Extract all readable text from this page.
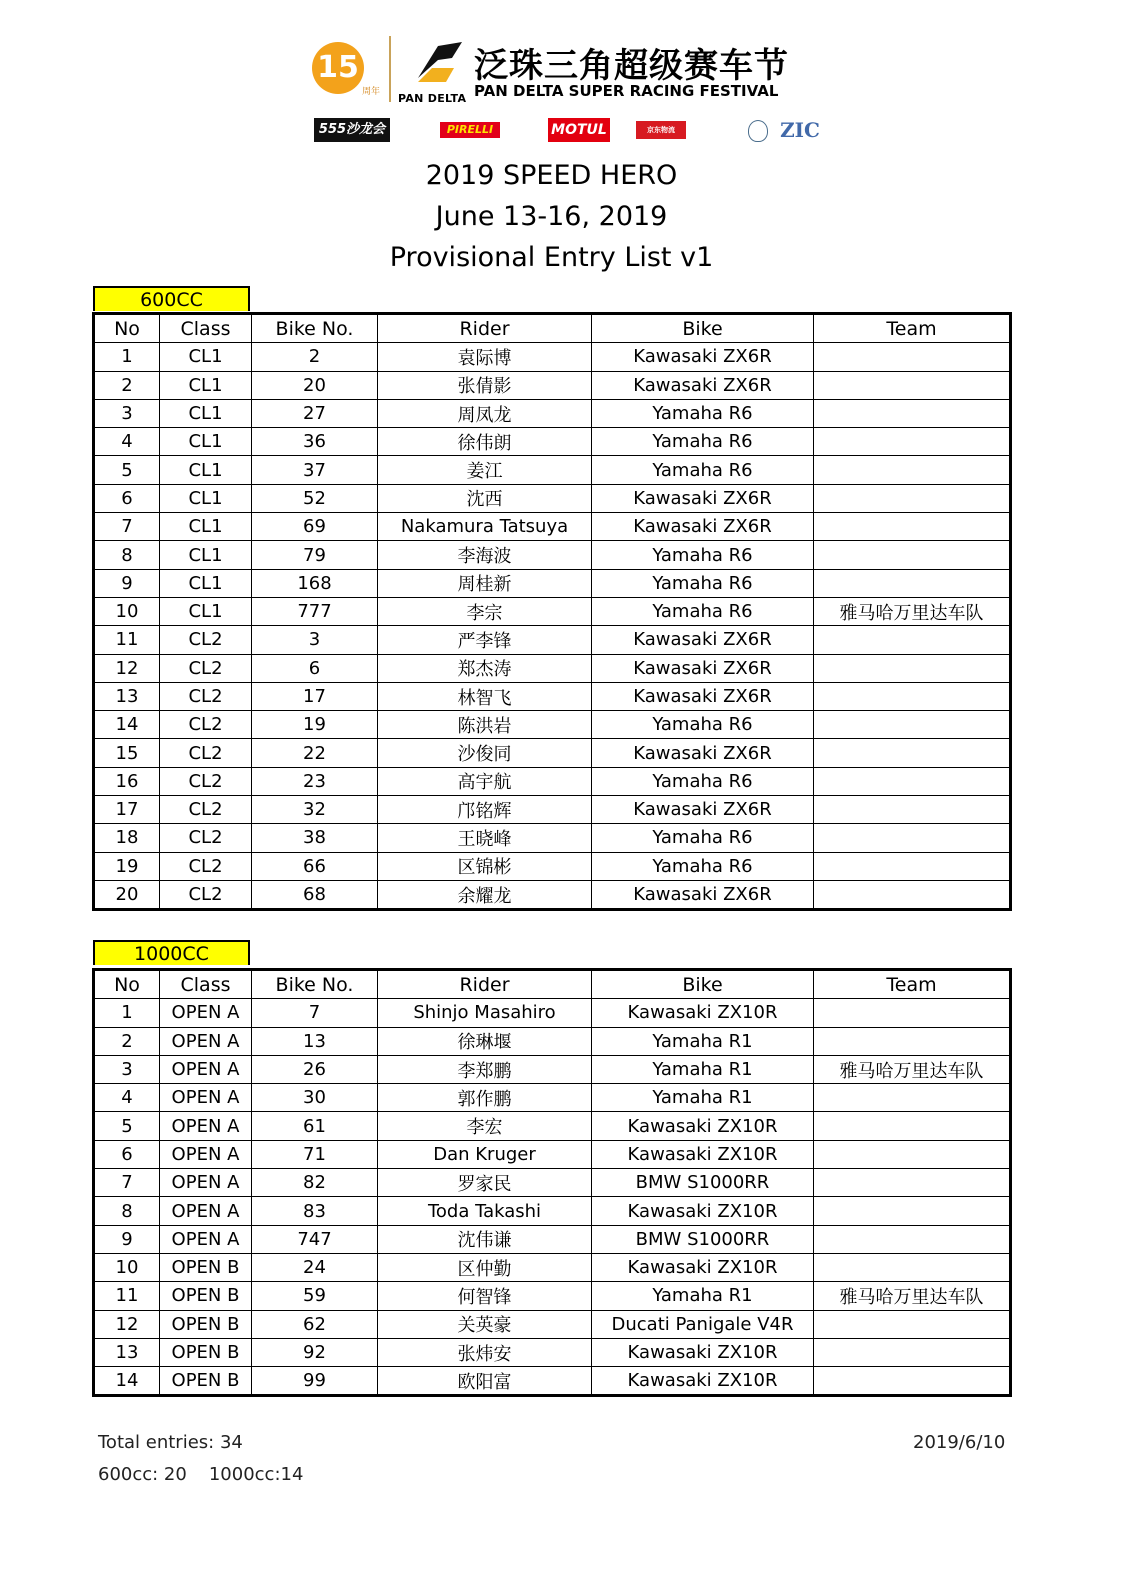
15
周年 PAN DELTA
泛珠三角超级赛车节
PAN DELTA SUPER RACING FESTIVAL
555沙龙会	PIRELLI	MOTUL	京东物流	ZIC
2019 SPEED HERO
June 13-16, 2019
Provisional Entry List v1
600CC
No	Class	Bike No.	Rider	Bike	Team
1	CL1	2	袁际博	Kawasaki ZX6R	
2	CL1	20	张倩影	Kawasaki ZX6R	
3	CL1	27	周凤龙	Yamaha R6	
4	CL1	36	徐伟朗	Yamaha R6	
5	CL1	37	姜江	Yamaha R6	
6	CL1	52	沈西	Kawasaki ZX6R	
7	CL1	69	Nakamura Tatsuya	Kawasaki ZX6R	
8	CL1	79	李海波	Yamaha R6	
9	CL1	168	周桂新	Yamaha R6	
10	CL1	777	李宗	Yamaha R6	雅马哈万里达车队
11	CL2	3	严李锋	Kawasaki ZX6R	
12	CL2	6	郑杰涛	Kawasaki ZX6R	
13	CL2	17	林智飞	Kawasaki ZX6R	
14	CL2	19	陈洪岩	Yamaha R6	
15	CL2	22	沙俊同	Kawasaki ZX6R	
16	CL2	23	高宇航	Yamaha R6	
17	CL2	32	邝铭辉	Kawasaki ZX6R	
18	CL2	38	王晓峰	Yamaha R6	
19	CL2	66	区锦彬	Yamaha R6	
20	CL2	68	余耀龙	Kawasaki ZX6R	
1000CC
No	Class	Bike No.	Rider	Bike	Team
1	OPEN A	7	Shinjo Masahiro	Kawasaki ZX10R	
2	OPEN A	13	徐琳堰	Yamaha R1	
3	OPEN A	26	李郑鹏	Yamaha R1	雅马哈万里达车队
4	OPEN A	30	郭作鹏	Yamaha R1	
5	OPEN A	61	李宏	Kawasaki ZX10R	
6	OPEN A	71	Dan Kruger	Kawasaki ZX10R	
7	OPEN A	82	罗家民	BMW S1000RR	
8	OPEN A	83	Toda Takashi	Kawasaki ZX10R	
9	OPEN A	747	沈伟谦	BMW S1000RR	
10	OPEN B	24	区仲勤	Kawasaki ZX10R	
11	OPEN B	59	何智锋	Yamaha R1	雅马哈万里达车队
12	OPEN B	62	关英豪	Ducati Panigale V4R	
13	OPEN B	92	张炜安	Kawasaki ZX10R	
14	OPEN B	99	欧阳富	Kawasaki ZX10R	
Total entries: 34	2019/6/10
600cc: 20 1000cc:14
